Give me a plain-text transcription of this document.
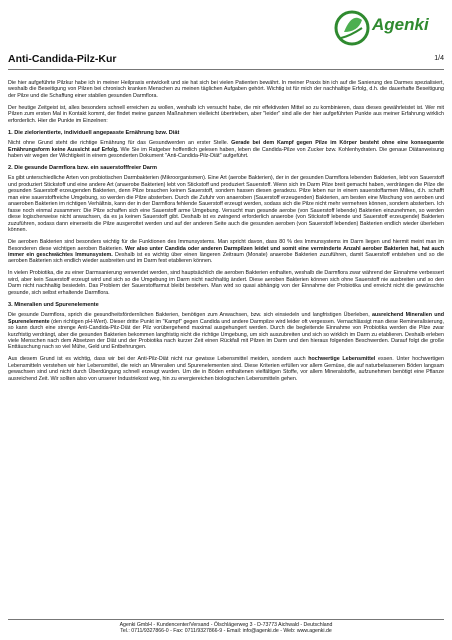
Agenki
Anti-Candida-Pilz-Kur	1/4

Die hier aufgeführte Pilzkur habe ich in meiner Heilpraxis entwickelt und sie hat sich bei vielen Patienten bewährt. In meiner Praxis bin ich auf die Sanierung des Darmes spezialisiert, weshalb die Beseitigung von Pilzen bei chronisch kranken Menschen zu meinen täglichen Aufgaben gehört. Wichtig ist für mich der nachhaltige Erfolg, d.h. die dauerhafte Beseitigung der Pilze und die Schaffung einer stabilen gesunden Darmflora.

Der heutige Zeitgeist ist, alles besonders schnell erreichen zu wollen, weshalb ich versucht habe, die mir effektivsten Mittel so zu kombinieren, dass dieses gewährleistet ist. Wer mit Pilzen zum ersten Mal in Kontakt kommt, der findet meine ganzen Maßnahmen vielleicht übertrieben, aber "leider" sind alle der hier aufgeführten Punkte aus meiner Erfahrung wirklich erforderlich. Hier die Punkte im Einzelnen:

1. Die zielorientierte, individuell angepasste Ernährung bzw. Diät

Nicht ohne Grund steht die richtige Ernährung für das Gesundwerden an erster Stelle. Gerade bei dem Kampf gegen Pilze im Körper besteht ohne eine konsequente Ernährungsform keine Aussicht auf Erfolg. Wie Sie im Ratgeber hoffentlich gelesen haben, leben die Candida-Pilze von Zucker bzw. Kohlenhydraten. Die genaue Diätanweisung haben wir wegen der Wichtigkeit in einem gesonderten Dokument "Anti-Candida-Pilz-Diät" aufgeführt.

2. Die gesunde Darmflora bzw. ein sauerstofffreier Darm

Es gibt unterschiedliche Arten von probiotischen Darmbakterien (Mikroorganismen). Eine Art (aerobe Bakterien), der in der gesunden Darmflora lebenden Bakterien, lebt von Sauerstoff und produziert Stickstoff und eine andere Art (anaerobe Bakterien) lebt von Stickstoff und produziert Sauerstoff. Wenn sich im Darm Pilze breit gemacht haben, verdrängen die Pilze die gesunden Sauerstoff erzeugenden Bakterien, denn Pilze brauchen keinen Sauerstoff, sondern hassen diesen geradezu. Pilze leben nur in einem sauerstoffarmen Milieu, d.h. schafft man eine sauerstoffreiche Umgebung, so werden die Pilze absterben. Durch die Zufuhr von anaeroben (Sauerstoff erzeugenden) Bakterien, am besten eine Mischung von aeroben und anaeroben Bakterien im richtigen Verhältnis, kann der in der Darmflora fehlende Sauerstoff erzeugt werden, sodass sich die Pilze nicht mehr vermehren können, sondern absterben. Ich fasse noch einmal zusammen: Die Pilze schaffen sich eine Sauerstoff arme Umgebung. Versucht man gesunde aerobe (von Sauerstoff lebende) Bakterien einzunehmen, so werden diese logischerweise nicht anwachsen, da es ja keinen Sauerstoff gibt. Deshalb ist es zwingend erforderlich anaerobe (von Stickstoff lebende und Sauerstoff erzeugende) Bakterien zuzuführen, sodass dann einerseits die Pilze ausgerottet werden und auf der anderen Seite auch die gesunden aeroben (von Sauerstoff lebenden) Bakterien endlich wieder überleben können.

Die aeroben Bakterien sind besonders wichtig für die Funktionen des Immunsystems. Man spricht davon, dass 80 % des Immunsystems im Darm liegen und hiermit meint man im Besonderen diese wichtigen aeroben Bakterien. Wer also unter Candida oder anderen Darmpilzen leidet und somit eine verminderte Anzahl aerober Bakterien hat, hat auch immer ein geschwächtes Immunsystem. Deshalb ist es wichtig über einen längeren Zeitraum (Monate) anaerobe Bakterien zuzuführen, damit Sauerstoff entstehen und so die aeroben Bakterien sich endlich wieder ausbreiten und im Darm fest etablieren können.

In vielen Probiotika, die zu einer Darmsanierung verwendet werden, sind hauptsächlich die aeroben Bakterien enthalten, weshalb die Darmflora zwar während der Einnahme verbessert wird, aber kein Sauerstoff erzeugt wird und sich so die Umgebung im Darm nicht nachhaltig ändert. Diese aeroben Bakterien können sich ohne Sauerstoff nie ausbreiten und so den Darm nicht nachhaltig besiedeln. Das Problem der Sauerstoffarmut bleibt bestehen. Man wird so quasi abhängig von der Einnahme der Probiotika und erreicht nicht die gewünschte gesunde, sich selbst erhaltende Darmflora.

3. Mineralien und Spurenelemente

Die gesunde Darmflora, sprich die gesundheitsfördernlichen Bakterien, benötigen zum Anwachsen, bzw. sich einsiedeln und langfristigen Überleben, ausreichend Mineralien und Spurenelemente (den richtigen pH-Wert). Dieser dritte Punkt im "Kampf" gegen Candida und andere Darmpilze wird leider oft vergessen. Vernachlässigt man diese Remineralisierung, so kann durch eine strenge Anti-Candida-Pilz-Diät der Pilz vorübergehend maximal ausgehungert werden. Durch die begleitende Einnahme von Probiotika werden die Pilze zwar kurzfristig verdrängt, aber die gesunden Bakterien bekommen langfristig nicht die richtige Umgebung, um sich auszubreiten und sich so wirklich im Darm zu etablieren. Deshalb erleben viele Menschen nach dem Absetzen der Diät und der Probiotika nach kurzer Zeit einen Rückfall mit Pilzen im Darm und den hieraus folgenden Beschwerden. Darauf folgt die große Enttäuschung nach so viel Mühe, Geld und Entbehrungen.

Aus diesem Grund ist es wichtig, dass wir bei der Anti-Pilz-Diät nicht nur gewisse Lebensmittel meiden, sondern auch hochwertige Lebensmittel essen. Unter hochwertigen Lebensmitteln verstehen wir hier Lebensmittel, die reich an Mineralien und Spurenelementen sind. Diese Kriterien erfüllen vor allem Gemüse, die auf naturbelassenen Böden langsam gewachsen sind und nicht durch Überdüngung schnell erzeugt wurden. Um die in Böden enthaltenen vielfältigen Stoffe, vor allem Mineralstoffe, aufzunehmen benötigt eine Pflanze ausreichend Zeit. Wir sollten also von unserer Industriekost weg, hin zu energiereichen biologischen Lebensmitteln gehen.

Agenki GmbH - Kundencenter/Versand - Ölschlägerweg 3 - D-73773 Aichwald - Deutschland
Tel.: 0711/9327866-0 - Fax: 0711/9327866-9 - Email: info@agenki.de - Web: www.agenki.de
